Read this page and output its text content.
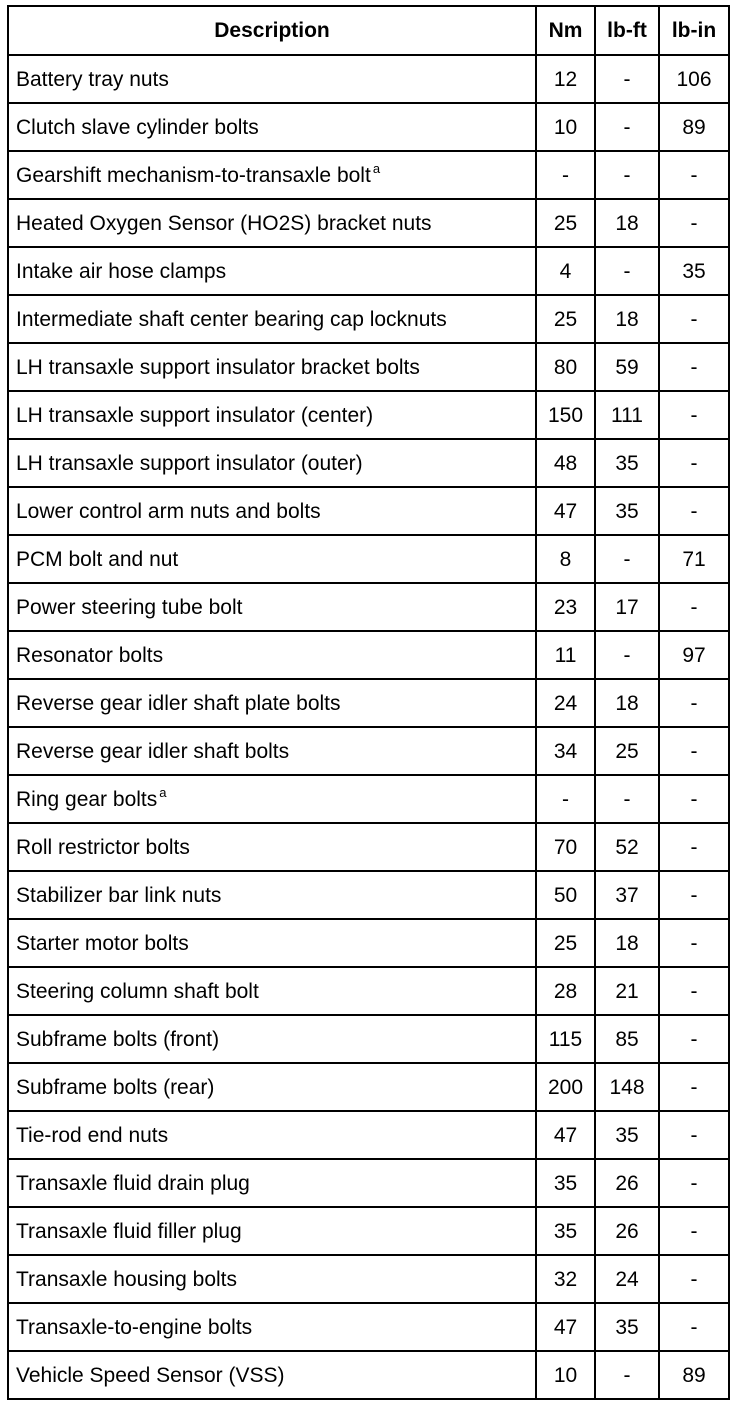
Description	Nm	lb-ft	lb-in
Battery tray nuts	12	-	106
Clutch slave cylinder bolts	10	-	89
Gearshift mechanism-to-transaxle bolt $^a$	-	-	-
Heated Oxygen Sensor (HO2S) bracket nuts	25	18	-
Intake air hose clamps	4	-	35
Intermediate shaft center bearing cap locknuts	25	18	-
LH transaxle support insulator bracket bolts	80	59	-
LH transaxle support insulator (center)	150	111	-
LH transaxle support insulator (outer)	48	35	-
Lower control arm nuts and bolts	47	35	-
PCM bolt and nut	8	-	71
Power steering tube bolt	23	17	-
Resonator bolts	11	-	97
Reverse gear idler shaft plate bolts	24	18	-
Reverse gear idler shaft bolts	34	25	-
Ring gear bolts $^a$	-	-	-
Roll restrictor bolts	70	52	-
Stabilizer bar link nuts	50	37	-
Starter motor bolts	25	18	-
Steering column shaft bolt	28	21	-
Subframe bolts (front)	115	85	-
Subframe bolts (rear)	200	148	-
Tie-rod end nuts	47	35	-
Transaxle fluid drain plug	35	26	-
Transaxle fluid filler plug	35	26	-
Transaxle housing bolts	32	24	-
Transaxle-to-engine bolts	47	35	-
Vehicle Speed Sensor (VSS)	10	-	89
